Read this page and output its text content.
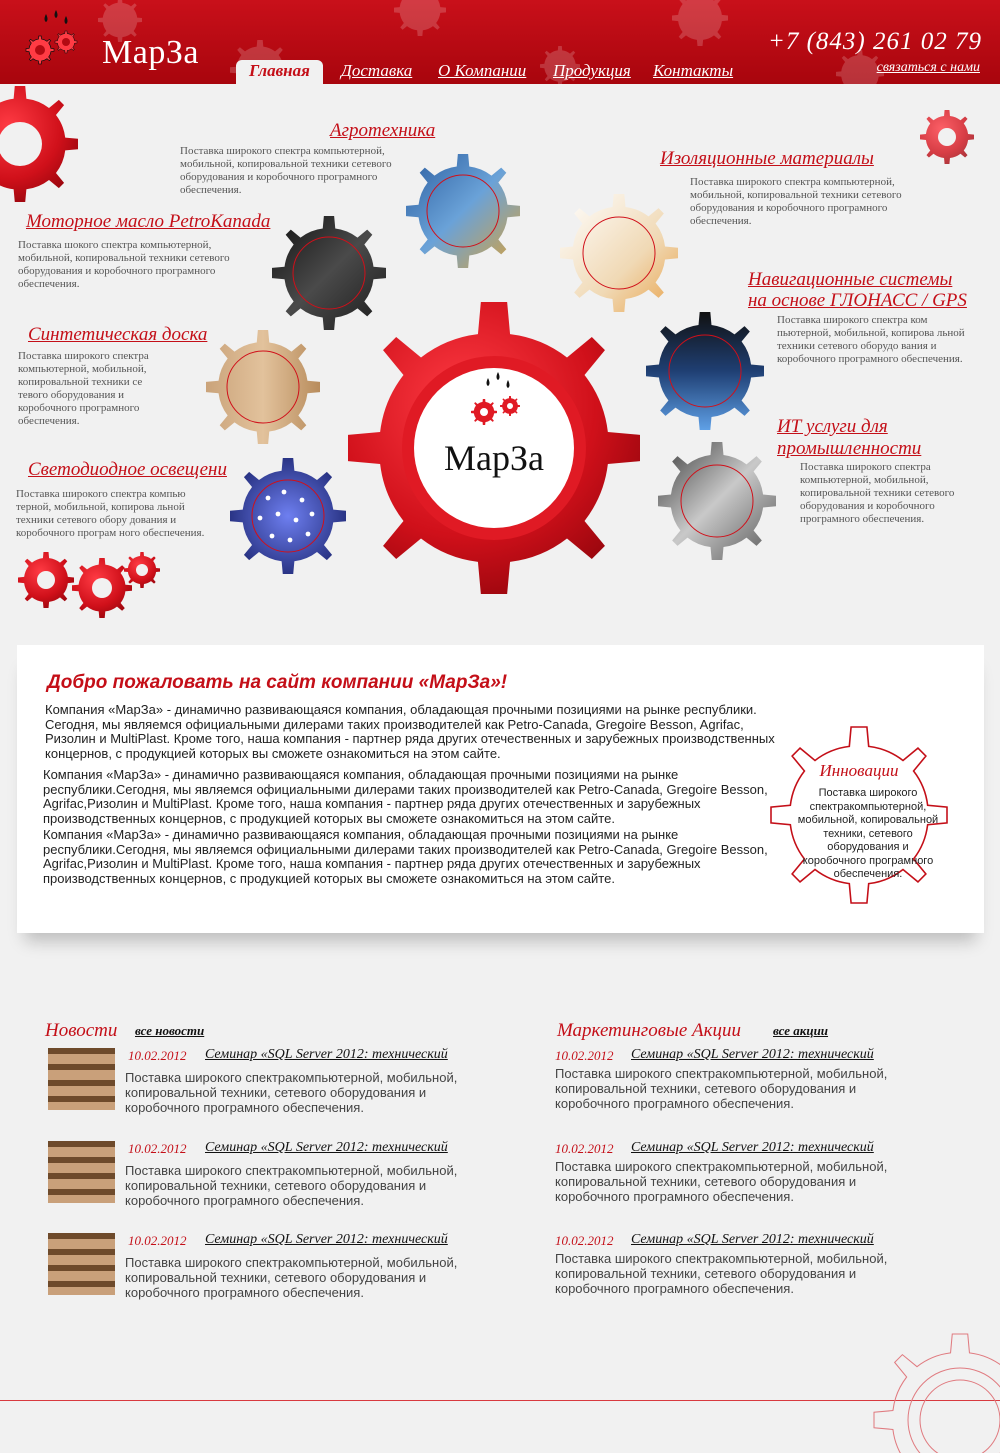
МарЗа	Главная	Доставка О Компании Продукция Контакты
+7 (843) 261 02 79
связаться с нами
МарЗа
Агротехника
Поставка широкого спектра компьютерной, мобильной, копировальной техники сетевого оборудования и коробочного програмного обеспечения.
Изоляционные материалы
Поставка широкого спектра компьютерной, мобильной, копировальной техники сетевого оборудования и коробочного програмного обеспечения.
Моторное масло PetroKanada
Поставка шокого спектра компьютерной, мобильной, копировальной техники сетевого оборудования и коробочного програмного обеспечения.	Навигационные системы
на основе ГЛОНАСС / GPS
Поставка широкого спектра ком пьютерной, мобильной, копирова льной техники сетевого оборудо вания и коробочного програмного обеспечения.
Синтетическая доска
Поставка широкого спектра компьютерной, мобильной, копировальной техники се тевого оборудования и коробочного програмного обеспечения.	ИТ услуги для
промышленности
Поставка широкого спектра компьютерной, мобильной, копировальной техники сетевого оборудования и коробочного програмного обеспечения.
Светодиодное освещени
Поставка широкого спектра компью терной, мобильной, копирова льной техники сетевого обору дования и коробочного програм ного обеспечения.
Добро пожаловать на сайт компании «МарЗа»!

Компания «МарЗа» - динамично развивающаяся компания, обладающая прочными позициями на рынке республики. Сегодня, мы являемся официальными дилерами таких производителей как Petro-Canada, Gregoire Besson, Agrifac, Ризолин и MultiPlast. Кроме того, наша компания - партнер ряда других отечественных и зарубежных производственных концернов, с продукцией которых вы сможете ознакомиться на этом сайте.

Компания «МарЗа» - динамично развивающаяся компания, обладающая прочными позициями на рынке республики.Сегодня, мы являемся официальными дилерами таких производителей как Petro-Canada, Gregoire Besson, Agrifac,Ризолин и MultiPlast. Кроме того, наша компания - партнер ряда других отечественных и зарубежных производственных концернов, с продукцией которых вы сможете ознакомиться на этом сайте.

Компания «МарЗа» - динамично развивающаяся компания, обладающая прочными позициями на рынке республики.Сегодня, мы являемся официальными дилерами таких производителей как Petro-Canada, Gregoire Besson, Agrifac,Ризолин и MultiPlast. Кроме того, наша компания - партнер ряда других отечественных и зарубежных производственных концернов, с продукцией которых вы сможете ознакомиться на этом сайте.

Инновации
Поставка широкого спектракомпьютерной, мобильной, копировальной техники, сетевого оборудования и коробочного програмного обеспечения.
Новости все новости	Маркетинговые Акции все акции
10.02.2012 Семинар «SQL Server 2012: технический
Поставка широкого спектракомпьютерной, мобильной, копировальной техники, сетевого оборудования и коробочного програмного обеспечения.
10.02.2012 Семинар «SQL Server 2012: технический
Поставка широкого спектракомпьютерной, мобильной, копировальной техники, сетевого оборудования и коробочного програмного обеспечения.
10.02.2012 Семинар «SQL Server 2012: технический
Поставка широкого спектракомпьютерной, мобильной, копировальной техники, сетевого оборудования и коробочного програмного обеспечения.
10.02.2012 Семинар «SQL Server 2012: технический
Поставка широкого спектракомпьютерной, мобильной, копировальной техники, сетевого оборудования и коробочного програмного обеспечения.
10.02.2012 Семинар «SQL Server 2012: технический
Поставка широкого спектракомпьютерной, мобильной, копировальной техники, сетевого оборудования и коробочного програмного обеспечения.
10.02.2012 Семинар «SQL Server 2012: технический
Поставка широкого спектракомпьютерной, мобильной, копировальной техники, сетевого оборудования и коробочного програмного обеспечения.
